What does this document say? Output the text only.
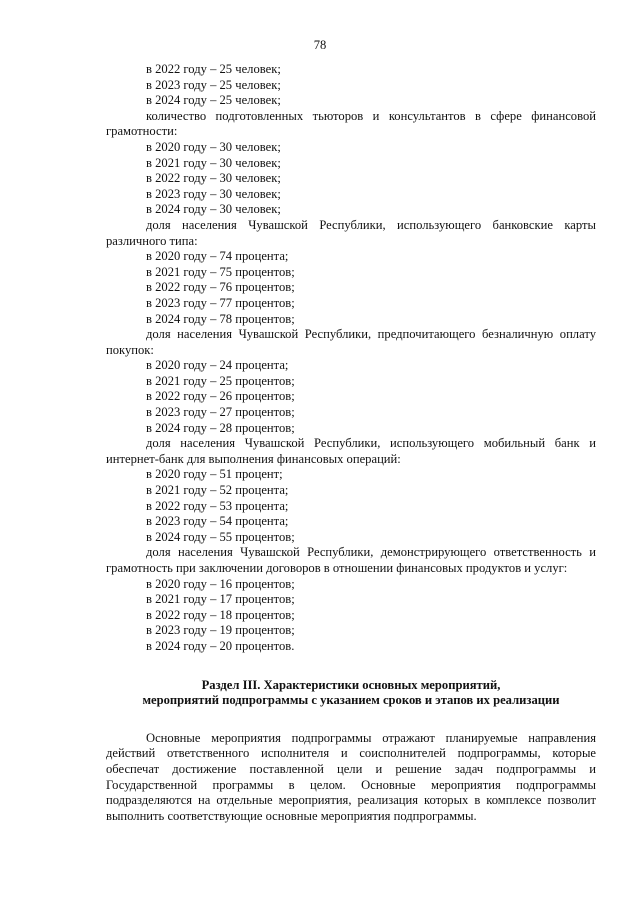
78
в 2022 году – 25 человек;
в 2023 году – 25 человек;
в 2024 году – 25 человек;

количество подготовленных тьюторов и консультантов в сфере финансовой грамотности:

в 2020 году – 30 человек;
в 2021 году – 30 человек;
в 2022 году – 30 человек;
в 2023 году – 30 человек;
в 2024 году – 30 человек;

доля населения Чувашской Республики, использующего банковские карты различного типа:

в 2020 году – 74 процента;
в 2021 году – 75 процентов;
в 2022 году – 76 процентов;
в 2023 году – 77 процентов;
в 2024 году – 78 процентов;

доля населения Чувашской Республики, предпочитающего безналичную оплату покупок:

в 2020 году – 24 процента;
в 2021 году – 25 процентов;
в 2022 году – 26 процентов;
в 2023 году – 27 процентов;
в 2024 году – 28 процентов;

доля населения Чувашской Республики, использующего мобильный банк и интернет-банк для выполнения финансовых операций:

в 2020 году – 51 процент;
в 2021 году – 52 процента;
в 2022 году – 53 процента;
в 2023 году – 54 процента;
в 2024 году – 55 процентов;

доля населения Чувашской Республики, демонстрирующего ответственность и грамотность при заключении договоров в отношении финансовых продуктов и услуг:

в 2020 году – 16 процентов;
в 2021 году – 17 процентов;
в 2022 году – 18 процентов;
в 2023 году – 19 процентов;
в 2024 году – 20 процентов.
Раздел III. Характеристики основных мероприятий,
мероприятий подпрограммы с указанием сроков и этапов их реализации

Основные мероприятия подпрограммы отражают планируемые направления действий ответственного исполнителя и соисполнителей подпрограммы, которые обеспечат достижение поставленной цели и решение задач подпрограммы и Государственной программы в целом. Основные мероприятия подпрограммы подразделяются на отдельные мероприятия, реализация которых в комплексе позволит выполнить соответствующие основные мероприятия подпрограммы.
